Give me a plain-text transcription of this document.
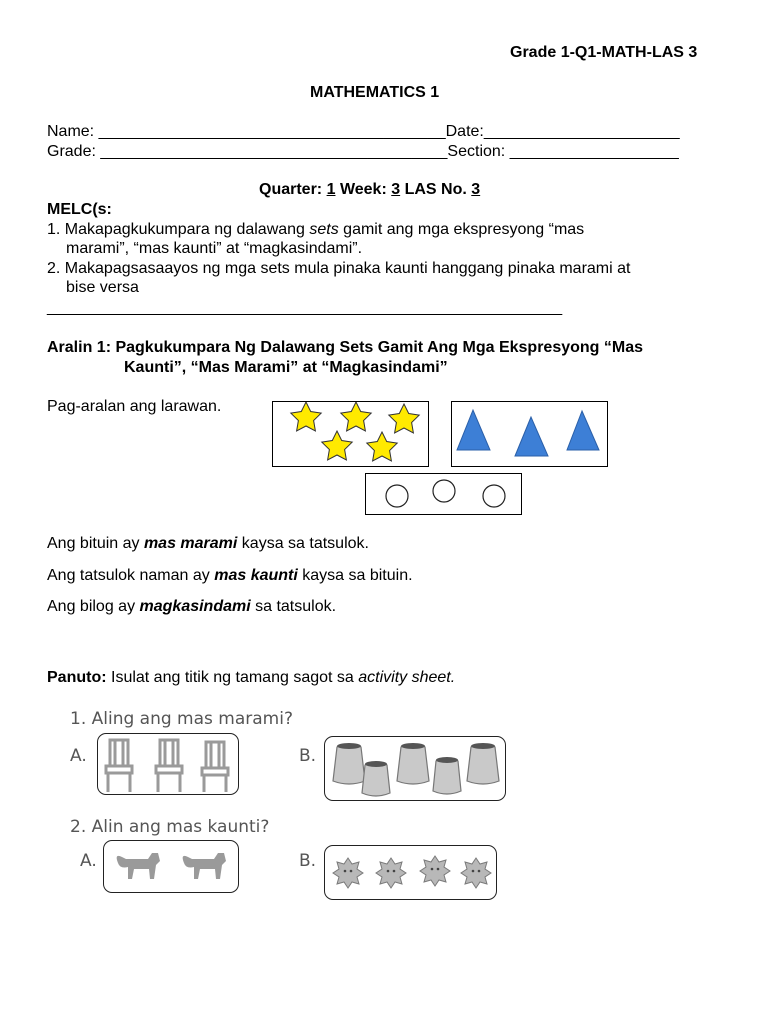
Grade 1-Q1-MATH-LAS 3
MATHEMATICS 1
Name: _______________________________________Date:______________________
Grade: _______________________________________Section: ___________________
Quarter: 1 Week: 3 LAS No. 3
MELC(s:
1. Makapagkukumpara ng dalawang sets gamit ang mga ekspresyong “mas
marami”, “mas kaunti” at “magkasindami”.
2. Makapagsasaayos ng mga sets mula pinaka kaunti hanggang pinaka marami at
bise versa
______________________________________________________________
Aralin 1: Pagkukumpara Ng Dalawang Sets Gamit Ang Mga Ekspresyong “Mas
Kaunti”, “Mas Marami” at “Magkasindami”
Pag-aralan ang larawan.
Ang bituin ay mas marami kaysa sa tatsulok.
Ang tatsulok naman ay mas kaunti kaysa sa bituin.
Ang bilog ay magkasindami sa tatsulok.
Panuto: Isulat ang titik ng tamang sagot sa activity sheet.
1. Aling ang mas marami?
A.	B.
2. Alin ang mas kaunti?
A.	B.
